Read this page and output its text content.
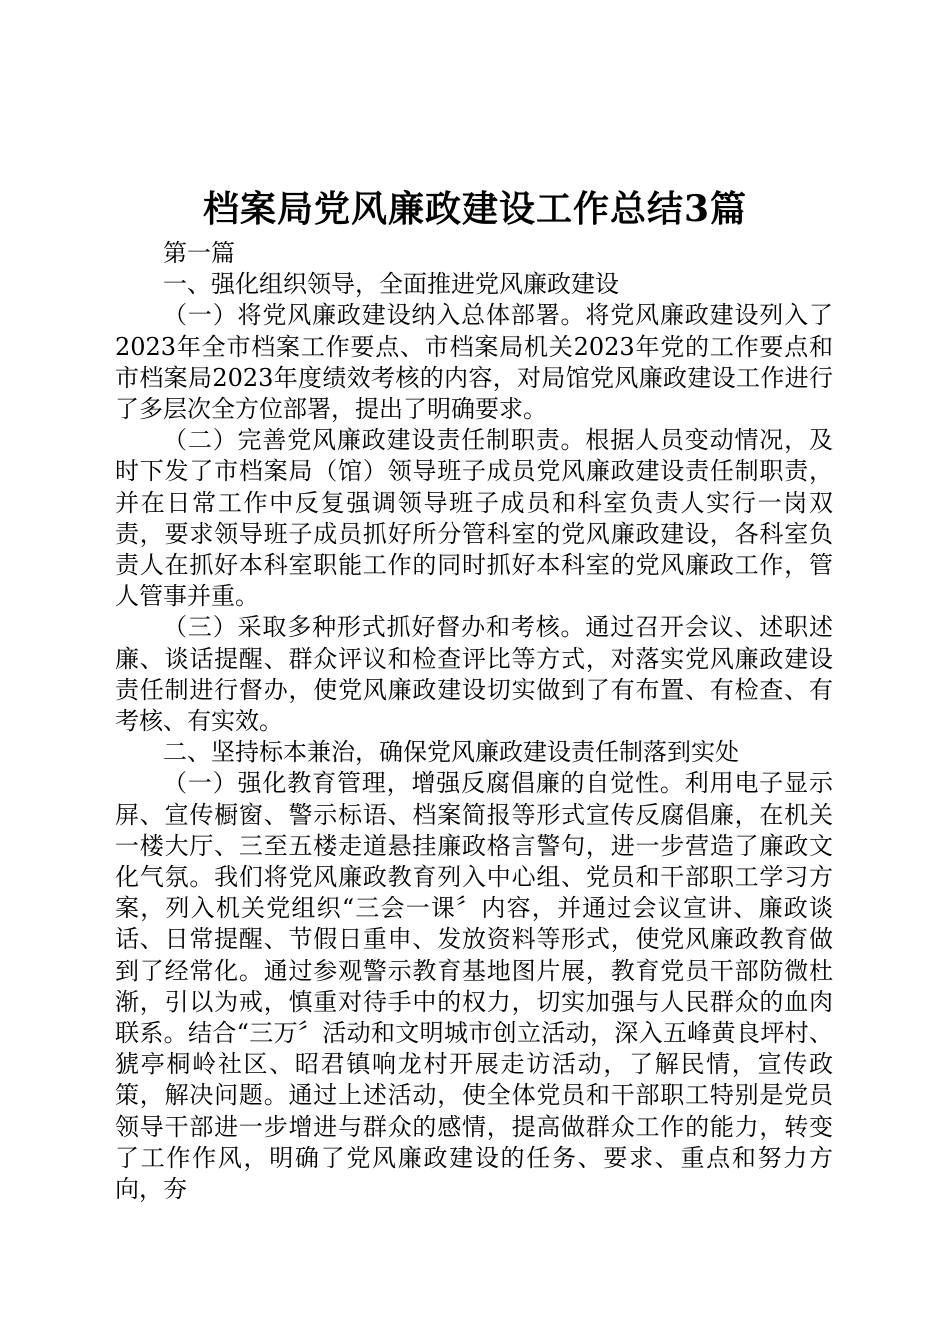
档案局党风廉政建设工作总结3篇

第一篇

一、强化组织领导，全面推进党风廉政建设

（一）将党风廉政建设纳入总体部署。将党风廉政建设列入了2023年全市档案工作要点、市档案局机关2023年党的工作要点和市档案局2023年度绩效考核的内容，对局馆党风廉政建设工作进行了多层次全方位部署，提出了明确要求。

（二）完善党风廉政建设责任制职责。根据人员变动情况，及时下发了市档案局（馆）领导班子成员党风廉政建设责任制职责，并在日常工作中反复强调领导班子成员和科室负责人实行一岗双责，要求领导班子成员抓好所分管科室的党风廉政建设，各科室负责人在抓好本科室职能工作的同时抓好本科室的党风廉政工作，管人管事并重。

（三）采取多种形式抓好督办和考核。通过召开会议、述职述廉、谈话提醒、群众评议和检查评比等方式，对落实党风廉政建设责任制进行督办，使党风廉政建设切实做到了有布置、有检查、有考核、有实效。

二、坚持标本兼治，确保党风廉政建设责任制落到实处

（一）强化教育管理，增强反腐倡廉的自觉性。利用电子显示屏、宣传橱窗、警示标语、档案简报等形式宣传反腐倡廉，在机关一楼大厅、三至五楼走道悬挂廉政格言警句，进一步营造了廉政文化气氛。我们将党风廉政教育列入中心组、党员和干部职工学习方案，列入机关党组织“三会一课〞内容，并通过会议宣讲、廉政谈话、日常提醒、节假日重申、发放资料等形式，使党风廉政教育做到了经常化。通过参观警示教育基地图片展，教育党员干部防微杜渐，引以为戒，慎重对待手中的权力，切实加强与人民群众的血肉联系。结合“三万〞活动和文明城市创立活动，深入五峰黄良坪村、猇亭桐岭社区、昭君镇响龙村开展走访活动，了解民情，宣传政策，解决问题。通过上述活动，使全体党员和干部职工特别是党员领导干部进一步增进与群众的感情，提高做群众工作的能力，转变了工作作风，明确了党风廉政建设的任务、要求、重点和努力方向，夯
